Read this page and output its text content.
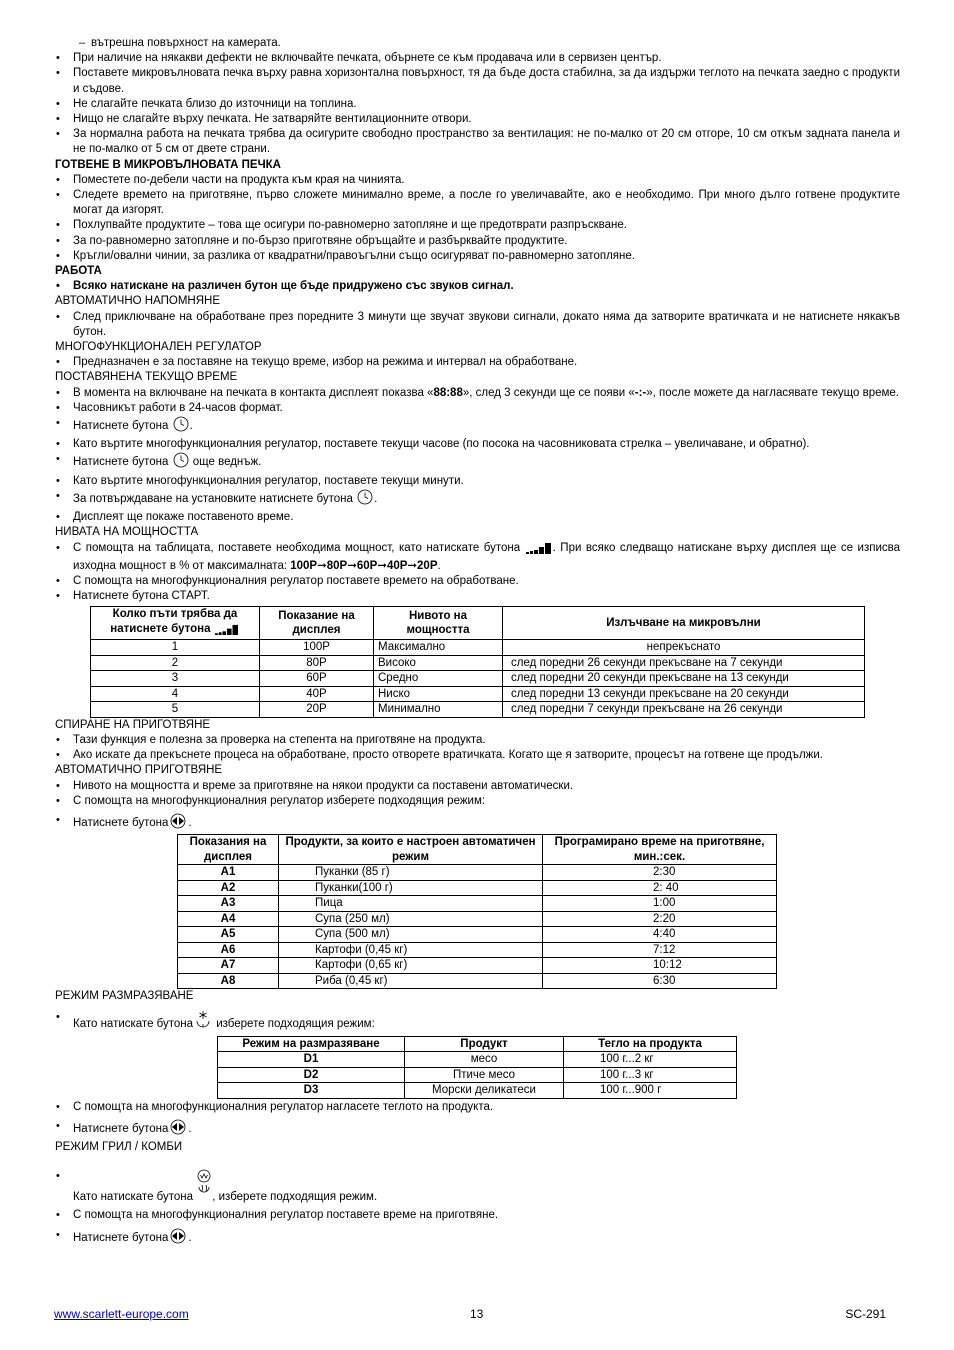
– вътрешна повърхност на камерата.
• При наличие на някакви дефекти не включвайте печката, обърнете се към продавача или в сервизен център.
• Поставете микровълновата печка върху равна хоризонтална повърхност, тя да бъде доста стабилна, за да издържи теглото на печката заедно с продукти и съдове.
• Не слагайте печката близо до източници на топлина.
• Нищо не слагайте върху печката. Не затваряйте вентилационните отвори.
• За нормална работа на печката трябва да осигурите свободно пространство за вентилация: не по-малко от 20 см отгоре, 10 см откъм задната панела и не по-малко от 5 см от двете страни.
ГОТВЕНЕ В МИКРОВЪЛНОВАТА ПЕЧКА
• Поместете по-дебели части на продукта към края на чинията.
• Следете времето на приготвяне, първо сложете минимално време, а после го увеличавайте, ако е необходимо. При много дълго готвене продуктите могат да изгорят.
• Похлупвайте продуктите – това ще осигури по-равномерно затопляне и ще предотврати разпръскване.
• За по-равномерно затопляне и по-бързо приготвяне обръщайте и разбърквайте продуктите.
• Кръгли/овални чинии, за разлика от квадратни/правоъгълни също осигуряват по-равномерно затопляне.
РАБОТА
• Всяко натискане на различен бутон ще бъде придружено със звуков сигнал.
АВТОМАТИЧНО НАПОМНЯНЕ
• След приключване на обработване през поредните 3 минути ще звучат звукови сигнали, докато няма да затворите вратичката и не натиснете някакъв бутон.
МНОГОФУНКЦИОНАЛЕН РЕГУЛАТОР
• Предназначен е за поставяне на текущо време, избор на режима и интервал на обработване.
ПОСТАВЯНЕНА ТЕКУЩО ВРЕМЕ
• В момента на включване на печката в контакта дисплеят показва «88:88», след 3 секунди ще се появи «-:-», после можете да нагласявате текущо време.
• Часовникът работи в 24-часов формат.
• Натиснете бутона .
• Като въртите многофункционалния регулатор, поставете текущи часове (по посока на часовниковата стрелка – увеличаване, и обратно).
• Натиснете бутона още веднъж.
• Като въртите многофункционалния регулатор, поставете текущи минути.
• За потвърждаване на установките натиснете бутона .
• Дисплеят ще покаже поставеното време.
НИВАТА НА МОЩНОСТТА
• С помощта на таблицата, поставете необходима мощност, като натискате бутона	. При всяко следващо натискане върху дисплея ще се изписва изходна мощност в % от максималната: 100P➞80P➞60P➞40P➞20P.
• С помощта на многофункционалния регулатор поставете времето на обработване.
• Натиснете бутона СТАРТ.
Колко пъти трябва да натиснете бутона	Показание на дисплея	Нивото на мощността	Излъчване на микровълни
1	100P	Максимално	непрекъснато
2	80P	Високо	след поредни 26 секунди прекъсване на 7 секунди
3	60P	Средно	след поредни 20 секунди прекъсване на 13 секунди
4	40P	Ниско	след поредни 13 секунди прекъсване на 20 секунди
5	20P	Минимално	след поредни 7 секунди прекъсване на 26 секунди
СПИРАНЕ НА ПРИГОТВЯНЕ
• Тази функция е полезна за проверка на степента на приготвяне на продукта.
• Ако искате да прекъснете процеса на обработване, просто отворете вратичката. Когато ще я затворите, процесът на готвене ще продължи.
АВТОМАТИЧНО ПРИГОТВЯНЕ
• Нивото на мощността и време за приготвяне на някои продукти са поставени автоматически.
• С помощта на многофункционалния регулатор изберете подходящия режим:
• Натиснете бутона .
Показания на дисплея	Продукти, за които е настроен автоматичен режим	Програмирано време на приготвяне, мин.:сек.
A1	Пуканки (85 г)	2:30
A2	Пуканки(100 г)	2: 40
A3	Пица	1:00
A4	Супа (250 мл)	2:20
A5	Супа (500 мл)	4:40
A6	Картофи (0,45 кг)	7:12
A7	Картофи (0,65 кг)	10:12
A8	Риба (0,45 кг)	6:30
РЕЖИМ РАЗМРАЗЯВАНЕ
• Като натискате бутона изберете подходящия режим:
Режим на размразяване	Продукт	Тегло на продукта
D1	месо	100 г...2 кг
D2	Птиче месо	100 г...3 кг
D3	Морски деликатеси	100 г...900 г
• С помощта на многофункционалния регулатор нагласете теглото на продукта.
• Натиснете бутона .
РЕЖИМ ГРИЛ / КОМБИ
• Като натискате бутона , изберете подходящия режим.
• С помощта на многофункционалния регулатор поставете време на приготвяне.
• Натиснете бутона .
www.scarlett-europe.com	13	SC-291
